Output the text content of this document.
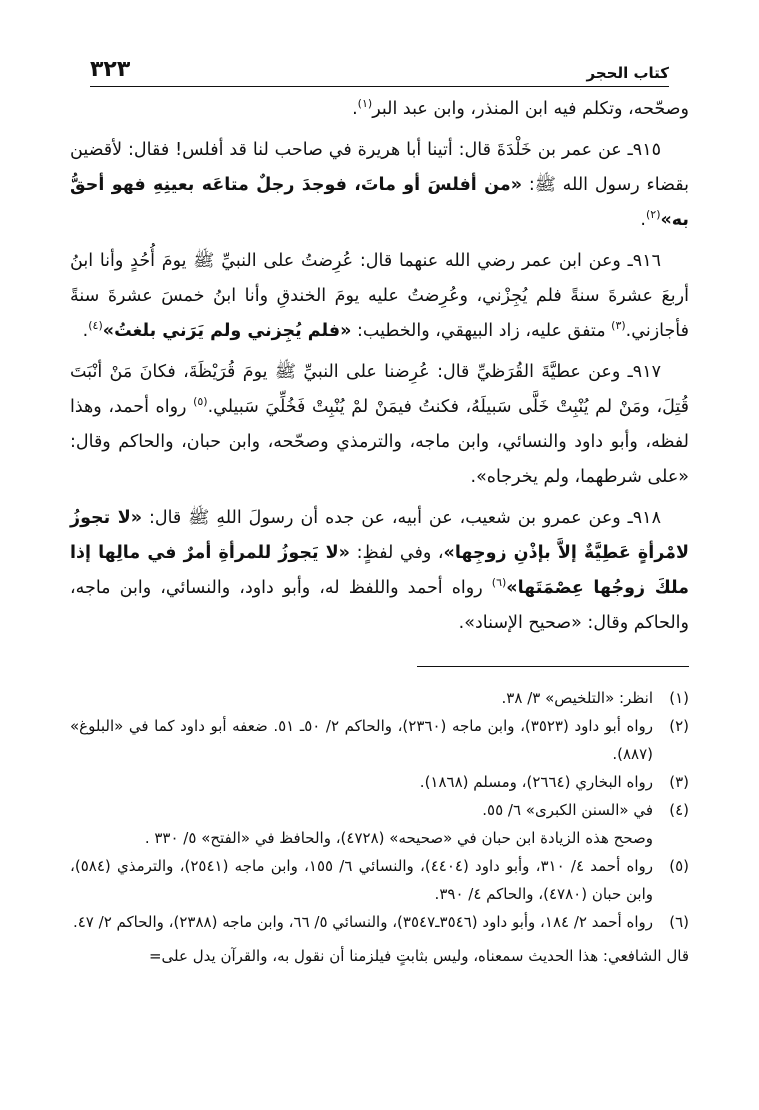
كتاب الحجر
٣٢٣

وصحّحه، وتكلم فيه ابن المنذر، وابن عبد البر$^{(١)}$.

٩١٥ـ عن عمر بن خَلْدَةَ قال: أتينا أبا هريرة في صاحب لنا قد أفلس! فقال: لأقضين بقضاء رسول الله ﷺ: «من أفلسَ أو ماتَ، فوجدَ رجلٌ متاعَه بعينِهِ فهو أحقُّ به»$^{(٢)}$.

٩١٦ـ وعن ابن عمر رضي الله عنهما قال: عُرِضتُ على النبيِّ ﷺ يومَ أُحُدٍ وأنا ابنُ أربعَ عشرةَ سنةً فلم يُجِزْني، وعُرِضتُ عليه يومَ الخندقِ وأنا ابنُ خمسَ عشرةَ سنةً فأجازني.$^{(٣)}$ متفق عليه، زاد البيهقي، والخطيب: «فلم يُجِزني ولم يَرَني بلغتُ»$^{(٤)}$.

٩١٧ـ وعن عطيَّةَ القُرَظيِّ قال: عُرِضنا على النبيِّ ﷺ يومَ قُرَيْظَةَ، فكانَ مَنْ أنْبَتَ قُتِلَ، ومَنْ لم يُنْبِتْ خَلَّى سَبيلَهُ، فكنتُ فيمَنْ لمْ يُنْبِتْ فَخُلِّيَ سَبيلي.$^{(٥)}$ رواه أحمد، وهذا لفظه، وأبو داود والنسائي، وابن ماجه، والترمذي وصحّحه، وابن حبان، والحاكم وقال: «على شرطهما، ولم يخرجاه».

٩١٨ـ وعن عمرو بن شعيب، عن أبيه، عن جده أن رسولَ اللهِ ﷺ قال: «لا تجوزُ لامْرأةٍ عَطِيَّةٌ إلاَّ بإذْنِ زوجِها»، وفي لفظٍ: «لا يَجوزُ للمرأةِ أمرٌ في مالِها إذا ملكَ زوجُها عِصْمَتَها»$^{(٦)}$ رواه أحمد واللفظ له، وأبو داود، والنسائي، وابن ماجه، والحاكم وقال: «صحيح الإسناد».

(١)
انظر: «التلخيص» ٣/ ٣٨.
(٢)
رواه أبو داود (٣٥٢٣)، وابن ماجه (٢٣٦٠)، والحاكم ٢/ ٥٠ـ ٥١. ضعفه أبو داود كما في «البلوغ» (٨٨٧).
(٣)
رواه البخاري (٢٦٦٤)، ومسلم (١٨٦٨).
(٤)
في «السنن الكبرى» ٦/ ٥٥.

وصحح هذه الزيادة ابن حبان في «صحيحه» (٤٧٢٨)، والحافظ في «الفتح» ٥/ ٣٣٠ .

(٥)
رواه أحمد ٤/ ٣١٠، وأبو داود (٤٤٠٤)، والنسائي ٦/ ١٥٥، وابن ماجه (٢٥٤١)، والترمذي (٥٨٤)، وابن حبان (٤٧٨٠)، والحاكم ٤/ ٣٩٠.
(٦)
رواه أحمد ٢/ ١٨٤، وأبو داود (٣٥٤٦ـ٣٥٤٧)، والنسائي ٥/ ٦٦، وابن ماجه (٢٣٨٨)، والحاكم ٢/ ٤٧.

قال الشافعي: هذا الحديث سمعناه، وليس بثابتٍ فيلزمنا أن نقول به، والقرآن يدل على=
